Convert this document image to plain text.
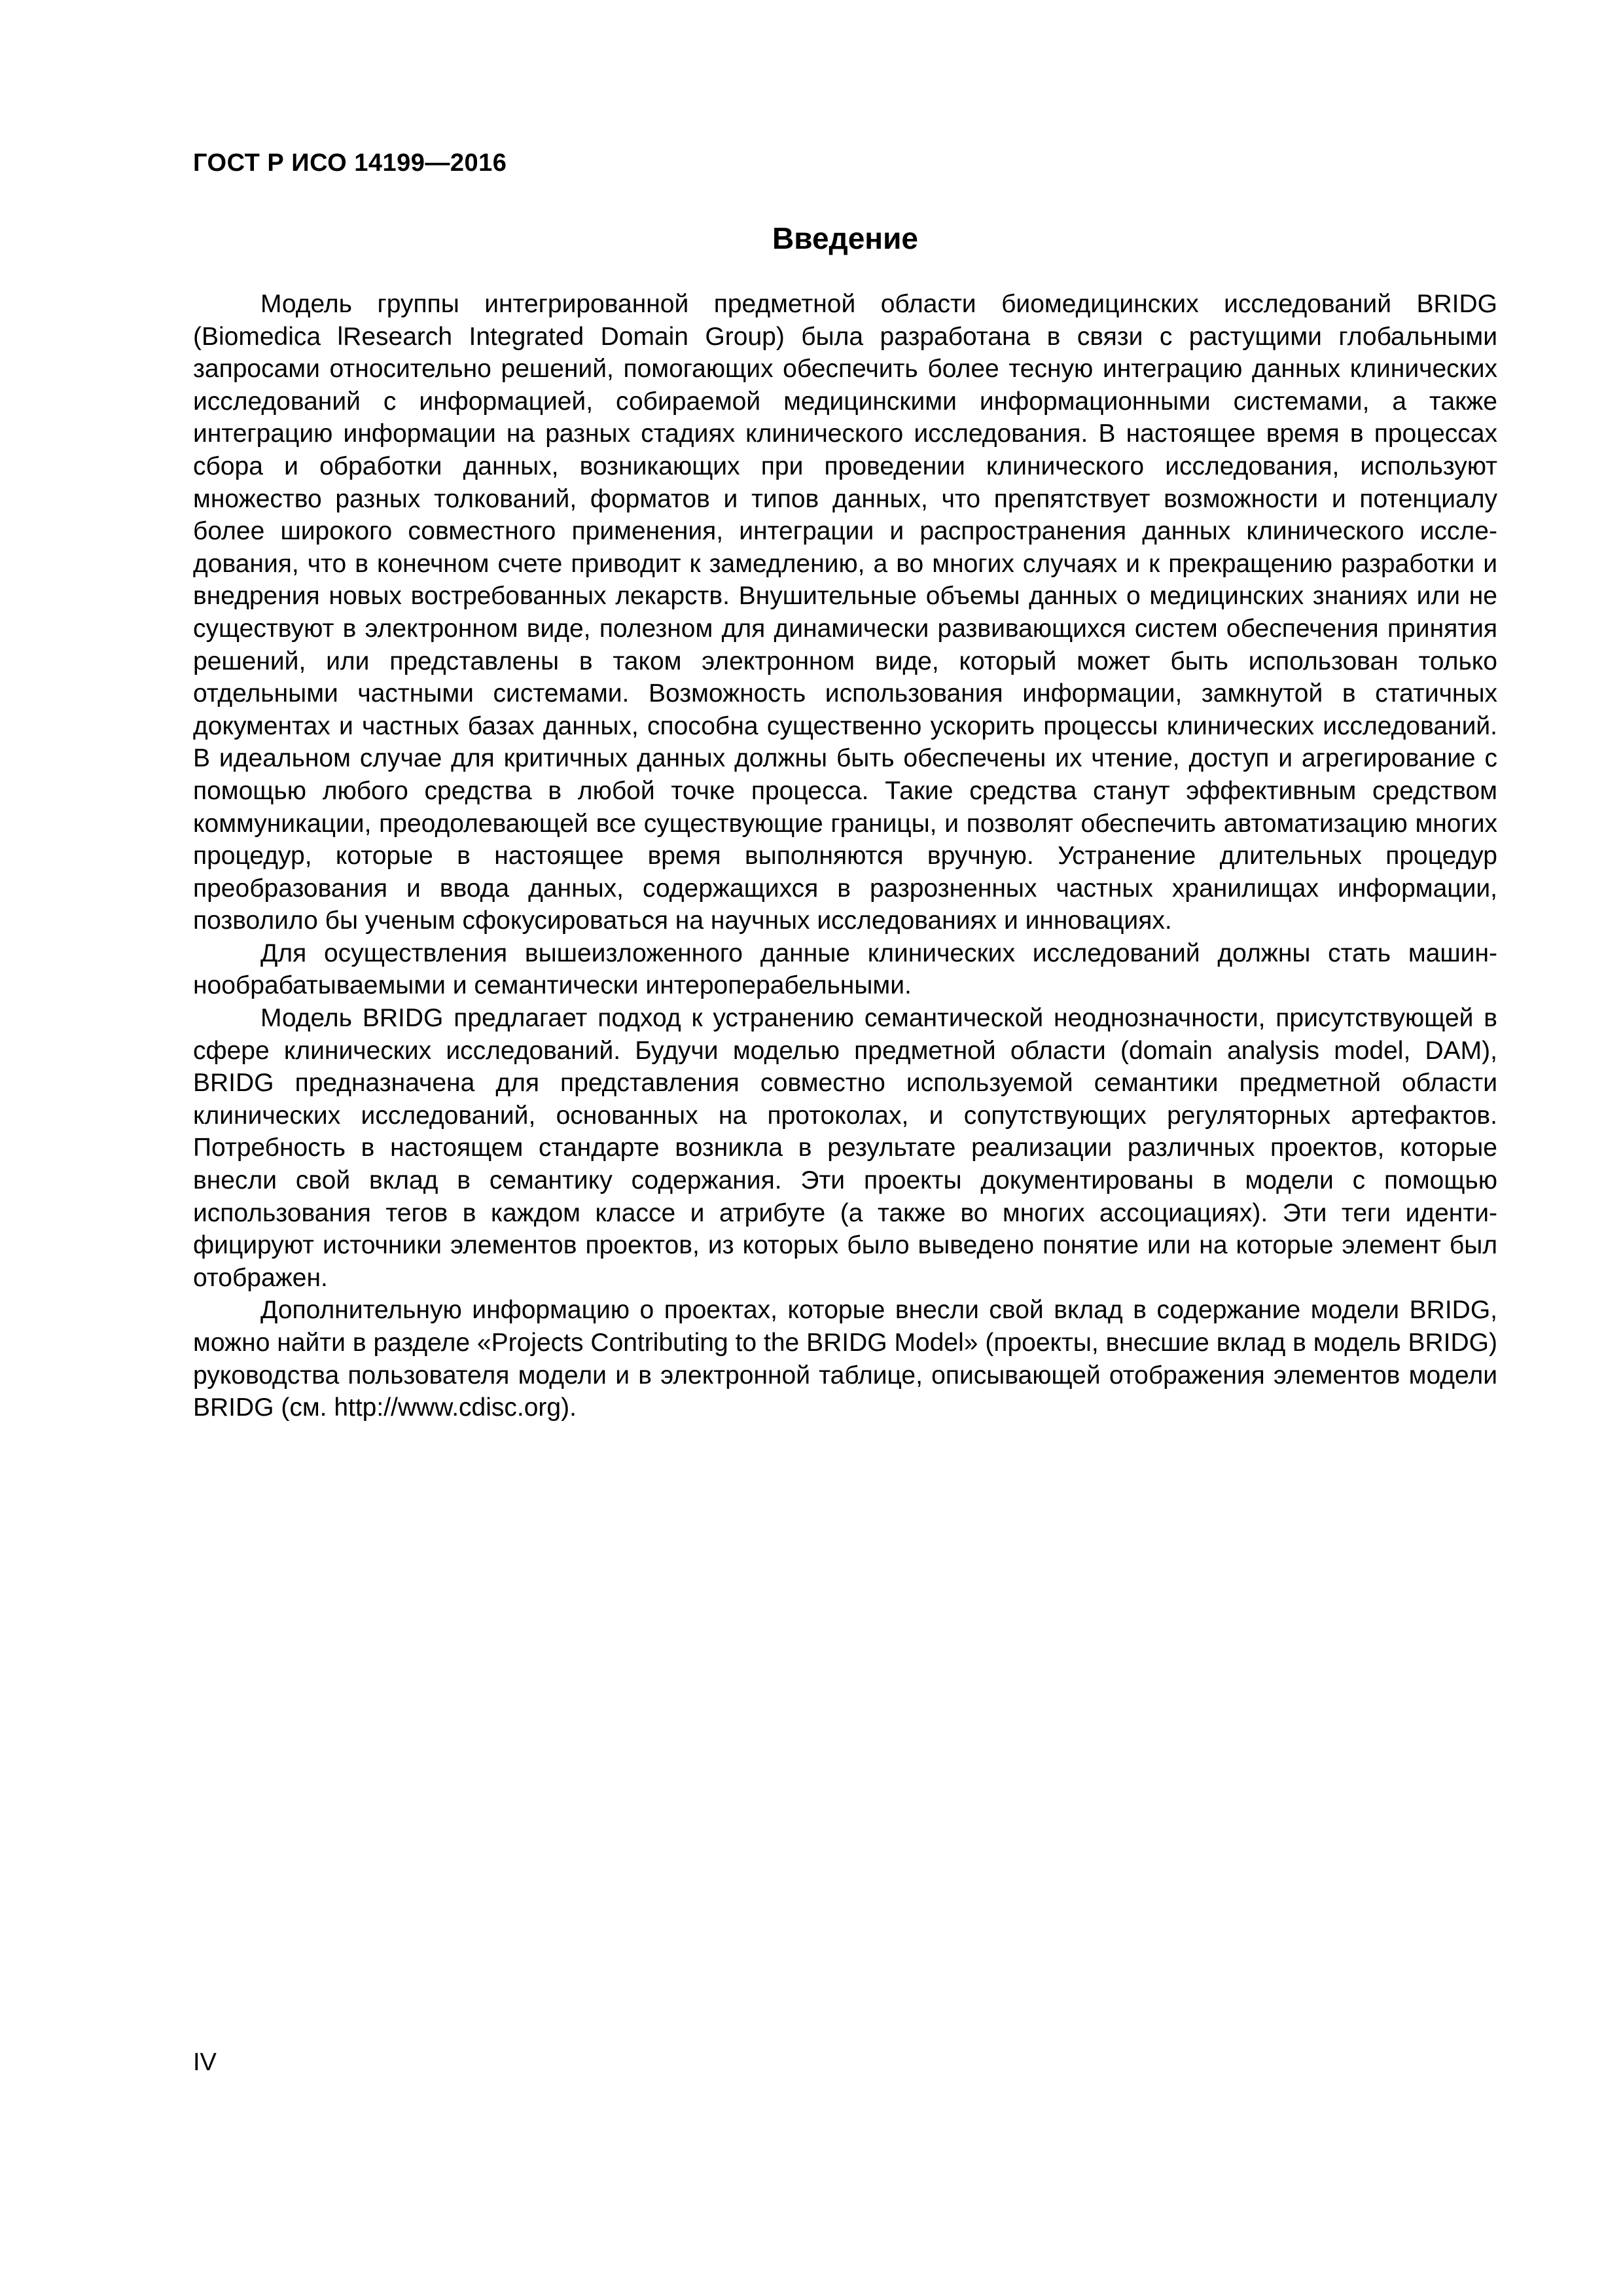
ГОСТ Р ИСО 14199—2016
Введение

Модель группы интегрированной предметной области биомедицинских исследований BRIDG (Biomedica lResearch Integrated Domain Group) была разработана в связи с растущими глобальными запросами относительно решений, помогающих обеспечить более тесную интеграцию данных клинических исследований с информацией, собираемой медицинскими информационными системами, а также интеграцию информации на разных стадиях клинического исследования. В настоящее время в процессах сбора и обработки данных, возникающих при проведении клинического исследования, используют множество разных толкований, форматов и типов данных, что препятствует возможности и потенциалу более широкого совместного применения, интеграции и распространения данных клинического исследования, что в конечном счете приводит к замедлению, а во многих случаях и к прекращению разработки и внедрения новых востребованных лекарств. Внушительные объемы данных о медицинских знаниях или не существуют в электронном виде, полезном для динамически развивающихся систем обеспечения принятия решений, или представлены в таком электронном виде, который может быть использован только отдельными частными системами. Возможность использования информации, замкнутой в статичных документах и частных базах данных, способна существенно ускорить процессы клинических исследований. В идеальном случае для критичных данных должны быть обеспечены их чтение, доступ и агрегирование с помощью любого средства в любой точке процесса. Такие средства станут эффективным средством коммуникации, преодолевающей все существующие границы, и позволят обеспечить автоматизацию многих процедур, которые в настоящее время выполняются вручную. Устранение длительных процедур преобразования и ввода данных, содержащихся в разрозненных частных хранилищах информации, позволило бы ученым сфокусироваться на научных исследованиях и инновациях.

Для осуществления вышеизложенного данные клинических исследований должны стать машиннообрабатываемыми и семантически интероперабельными.

Модель BRIDG предлагает подход к устранению семантической неоднозначности, присутствующей в сфере клинических исследований. Будучи моделью предметной области (domain analysis model, DAM), BRIDG предназначена для представления совместно используемой семантики предметной области клинических исследований, основанных на протоколах, и сопутствующих регуляторных артефактов. Потребность в настоящем стандарте возникла в результате реализации различных проектов, которые внесли свой вклад в семантику содержания. Эти проекты документированы в модели с помощью использования тегов в каждом классе и атрибуте (а также во многих ассоциациях). Эти теги идентифицируют источники элементов проектов, из которых было выведено понятие или на которые элемент был отображен.

Дополнительную информацию о проектах, которые внесли свой вклад в содержание модели BRIDG, можно найти в разделе «Projects Contributing to the BRIDG Model» (проекты, внесшие вклад в модель BRIDG) руководства пользователя модели и в электронной таблице, описывающей отображения элементов модели BRIDG (см. http://www.cdisc.org).

IV
